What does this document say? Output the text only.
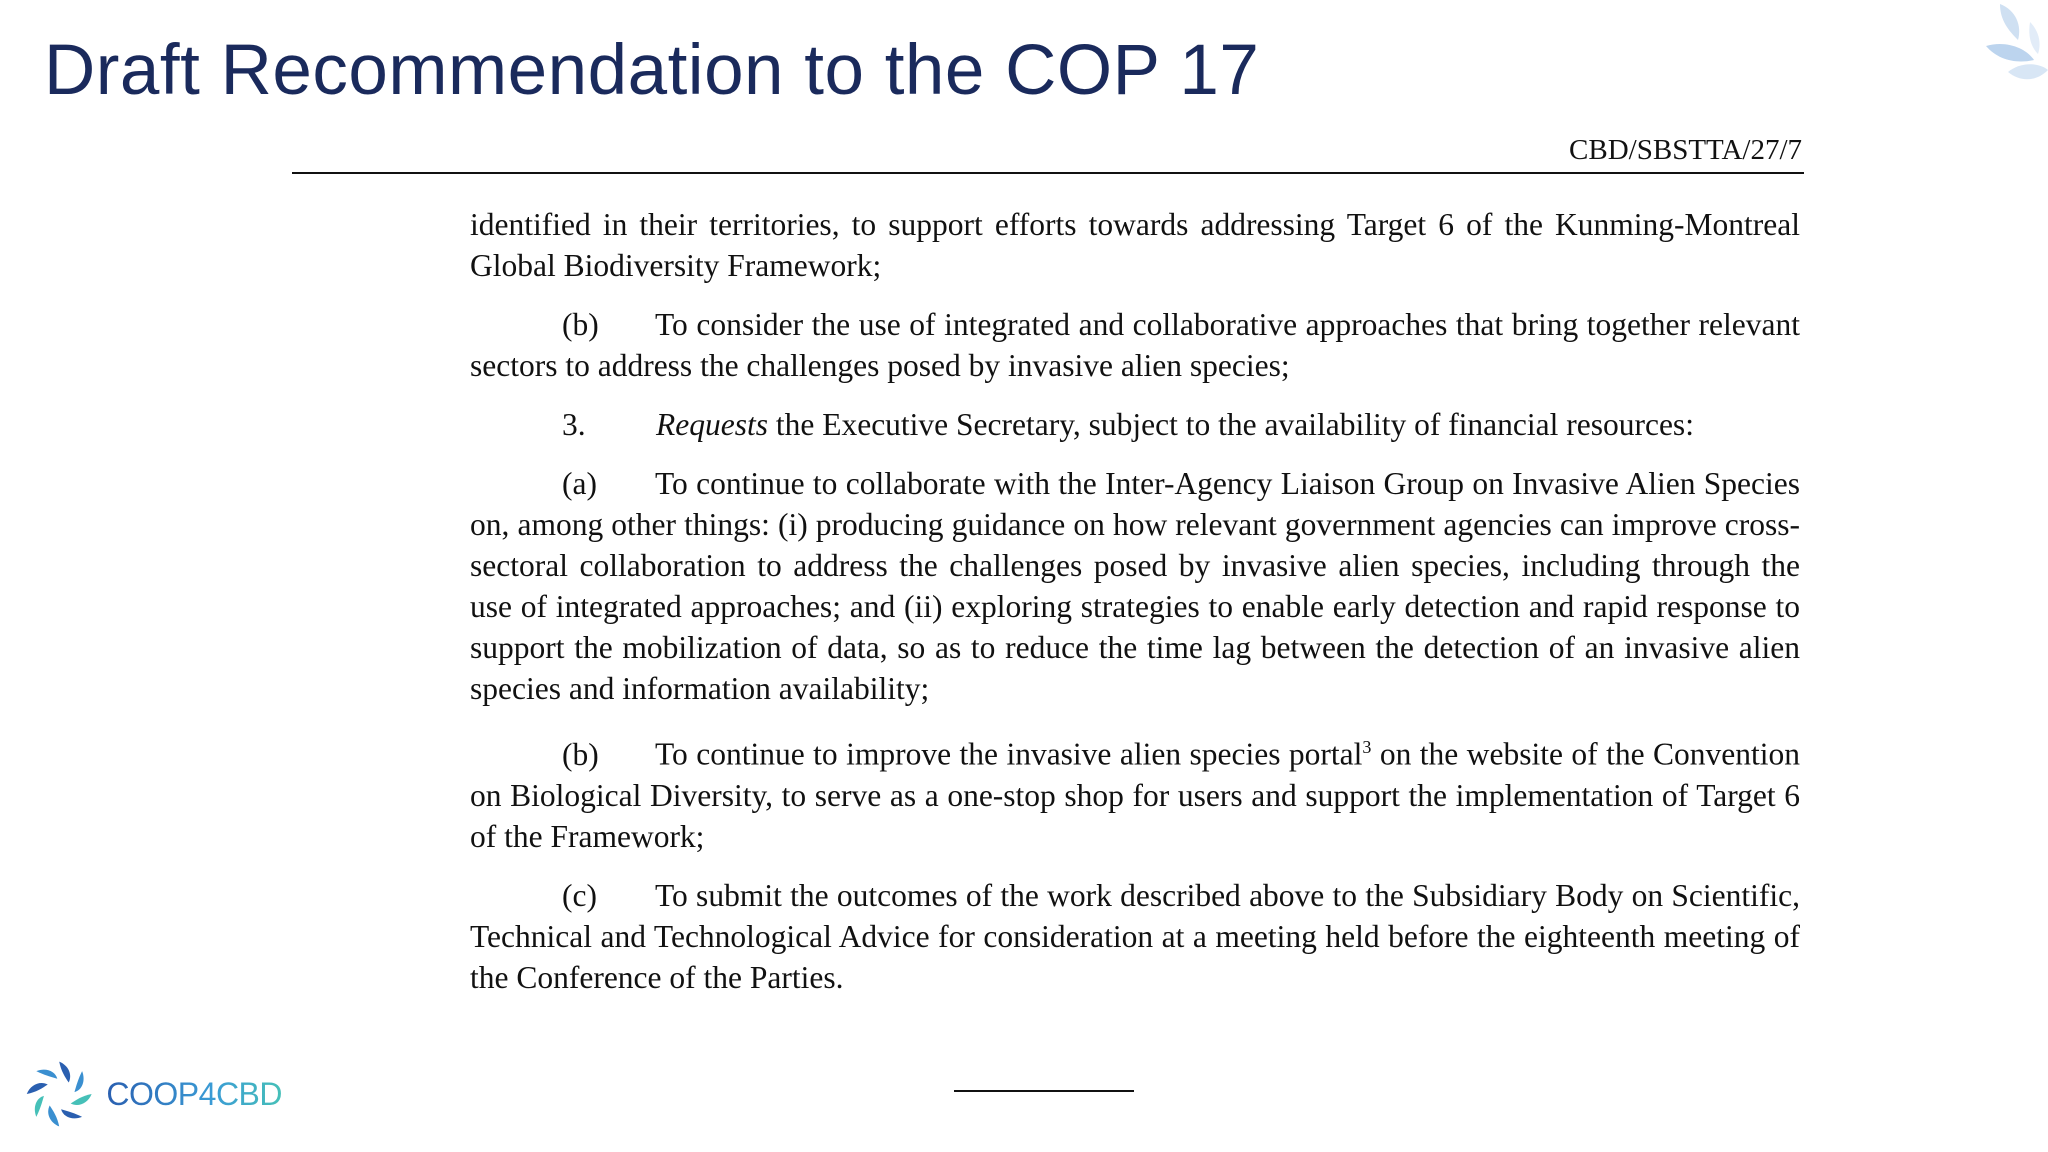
Draft Recommendation to the COP 17
CBD/SBSTTA/27/7

identified in their territories, to support efforts towards addressing Target 6 of the Kunming-Montreal Global Biodiversity Framework;

(b) To consider the use of integrated and collaborative approaches that bring together relevant sectors to address the challenges posed by invasive alien species;

3. Requests the Executive Secretary, subject to the availability of financial resources:

(a) To continue to collaborate with the Inter-Agency Liaison Group on Invasive Alien Species on, among other things: (i) producing guidance on how relevant government agencies can improve cross-sectoral collaboration to address the challenges posed by invasive alien species, including through the use of integrated approaches; and (ii) exploring strategies to enable early detection and rapid response to support the mobilization of data, so as to reduce the time lag between the detection of an invasive alien species and information availability;

(b) To continue to improve the invasive alien species portal$^3$ on the website of the Convention on Biological Diversity, to serve as a one-stop shop for users and support the implementation of Target 6 of the Framework;

(c) To submit the outcomes of the work described above to the Subsidiary Body on Scientific, Technical and Technological Advice for consideration at a meeting held before the eighteenth meeting of the Conference of the Parties.

COOP4CBD
